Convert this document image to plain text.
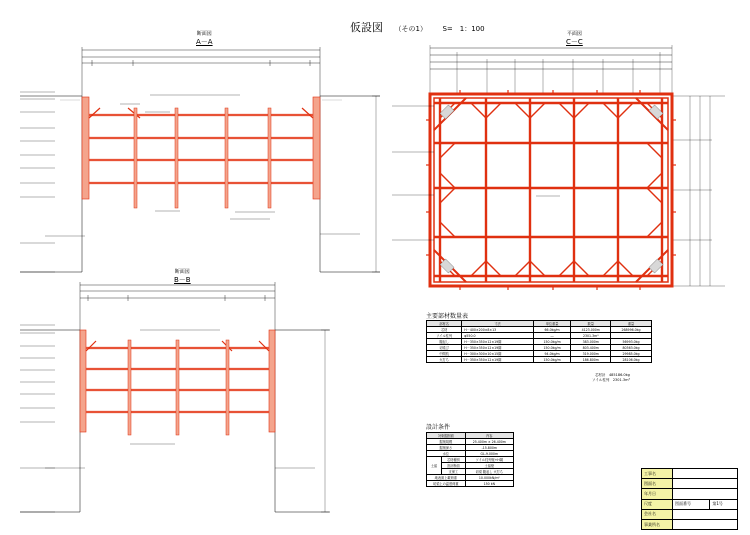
仮設図 （その1） S=　1：100
断面図
A－A
平面図
C－C
断面図
B－B
主要部材数量表
部材名	寸法	単位重量	数量	重量
芯材	H－400×200×8×13	66.0kg/m	4123.000m	268996.0kg
ソイル柱列	φ550.0	―	2301.3m³	
腹起し	H－350×350×12×19鋼	150.0kg/m	383.000m	56993.0kg
切梁ぴ	H－350×350×12×19鋼	150.0kg/m	803.400m	80363.0kg
中間杭	H－300×300×10×15鋼	94.0kg/m	319.000m	29985.0kg
火打ち	H－350×350×12×19鋼	150.0kg/m	186.800m	28106.0kg
芯材計　 485186.0kg
ソイル柱列　 2301.3m³
設計条件
対象掘削面		内容
掘削規模		25.400m × 26.400m
掘削深さ		-15.800m
水位		GL-9.000m
土留	芯材種別	ソイル柱列壁+H鋼
	設計断面	土留壁
	支保工	切梁 腹起し 火打ち
地表面上載荷重		10.000kN/m²
切梁上の温度荷重		150 kN
工事名		
図面名		
年月日		
尺度	図面番号	第1号
会社名		
事業所名		
